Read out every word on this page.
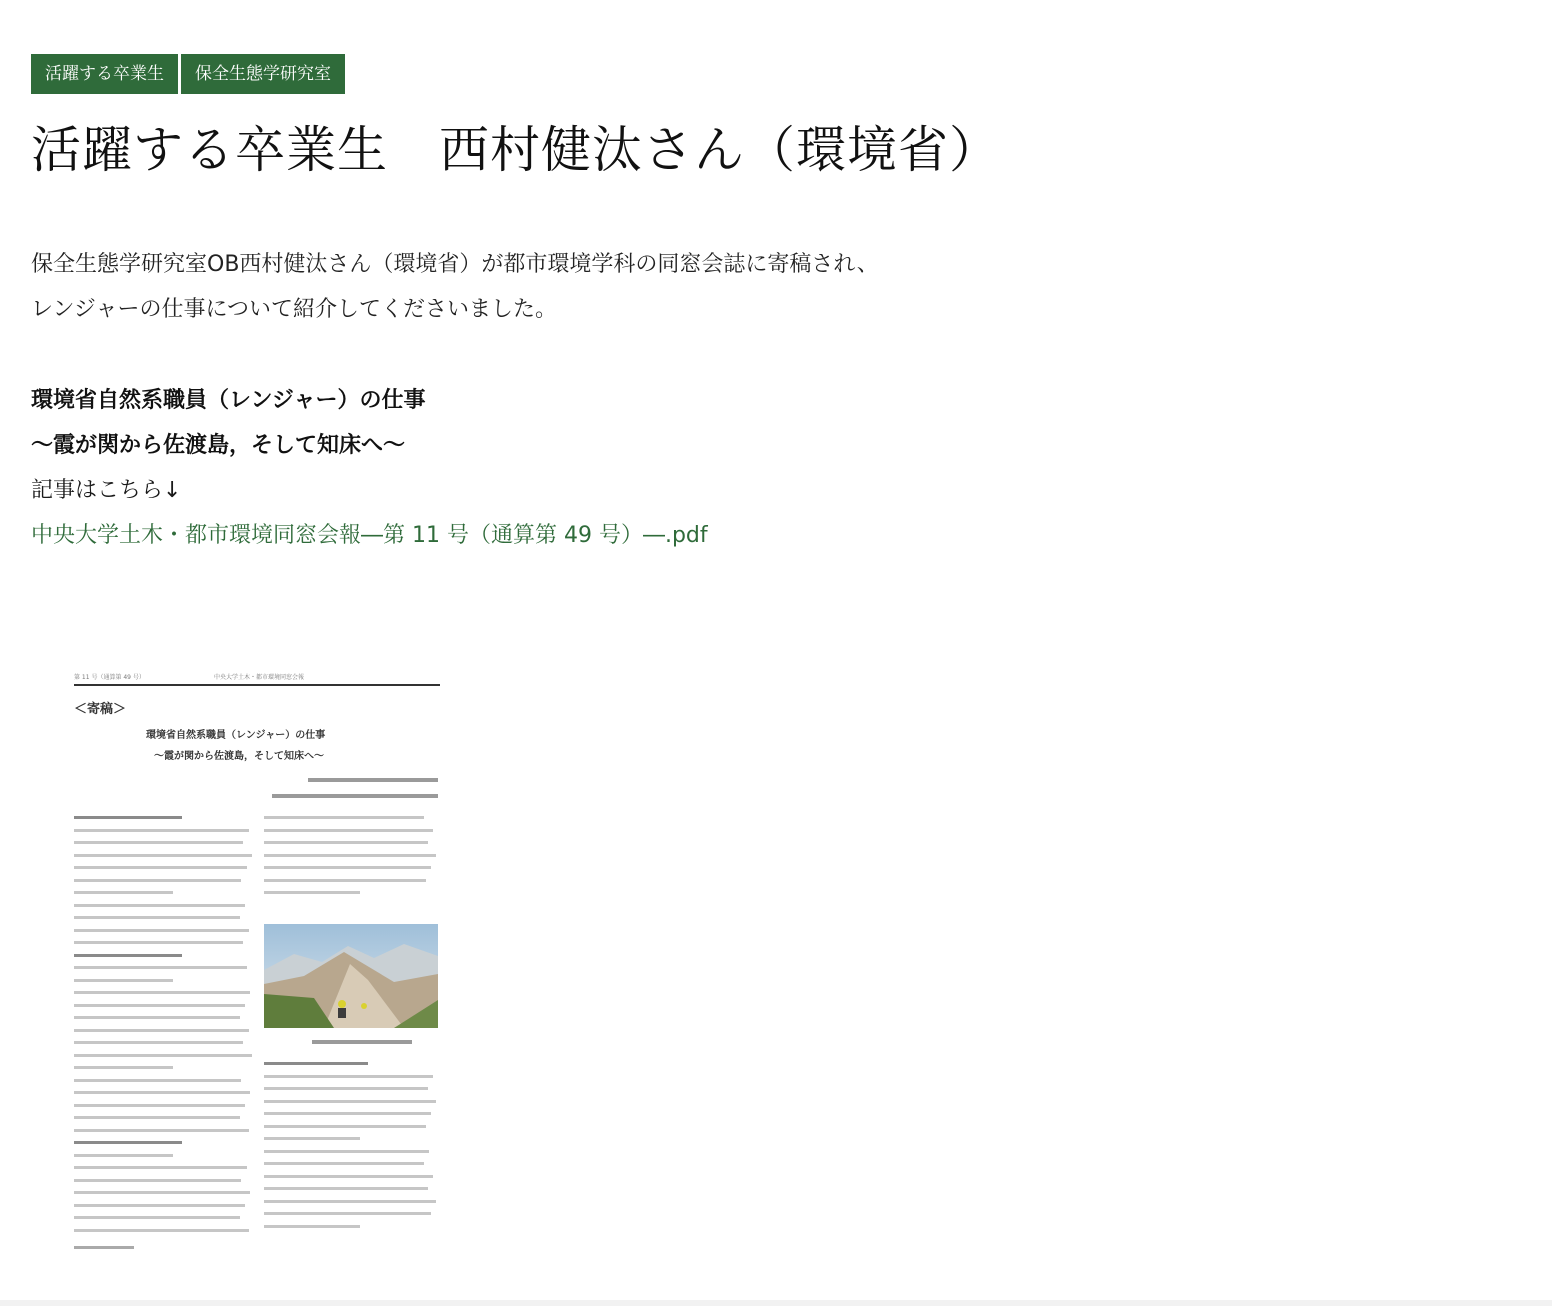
活躍する卒業生	保全生態学研究室
活躍する卒業生　西村健汰さん（環境省）

保全生態学研究室OB西村健汰さん（環境省）が都市環境学科の同窓会誌に寄稿され、

レンジャーの仕事について紹介してくださいました。

環境省自然系職員（レンジャー）の仕事

～霞が関から佐渡島，そして知床へ～

記事はこちら↓

中央大学土木・都市環境同窓会報―第 11 号（通算第 49 号）―.pdf

第 11 号（通算第 49 号）	中央大学土木・都市環境同窓会報
＜寄稿＞
環境省自然系職員（レンジャー）の仕事
～霞が関から佐渡島，そして知床へ～
